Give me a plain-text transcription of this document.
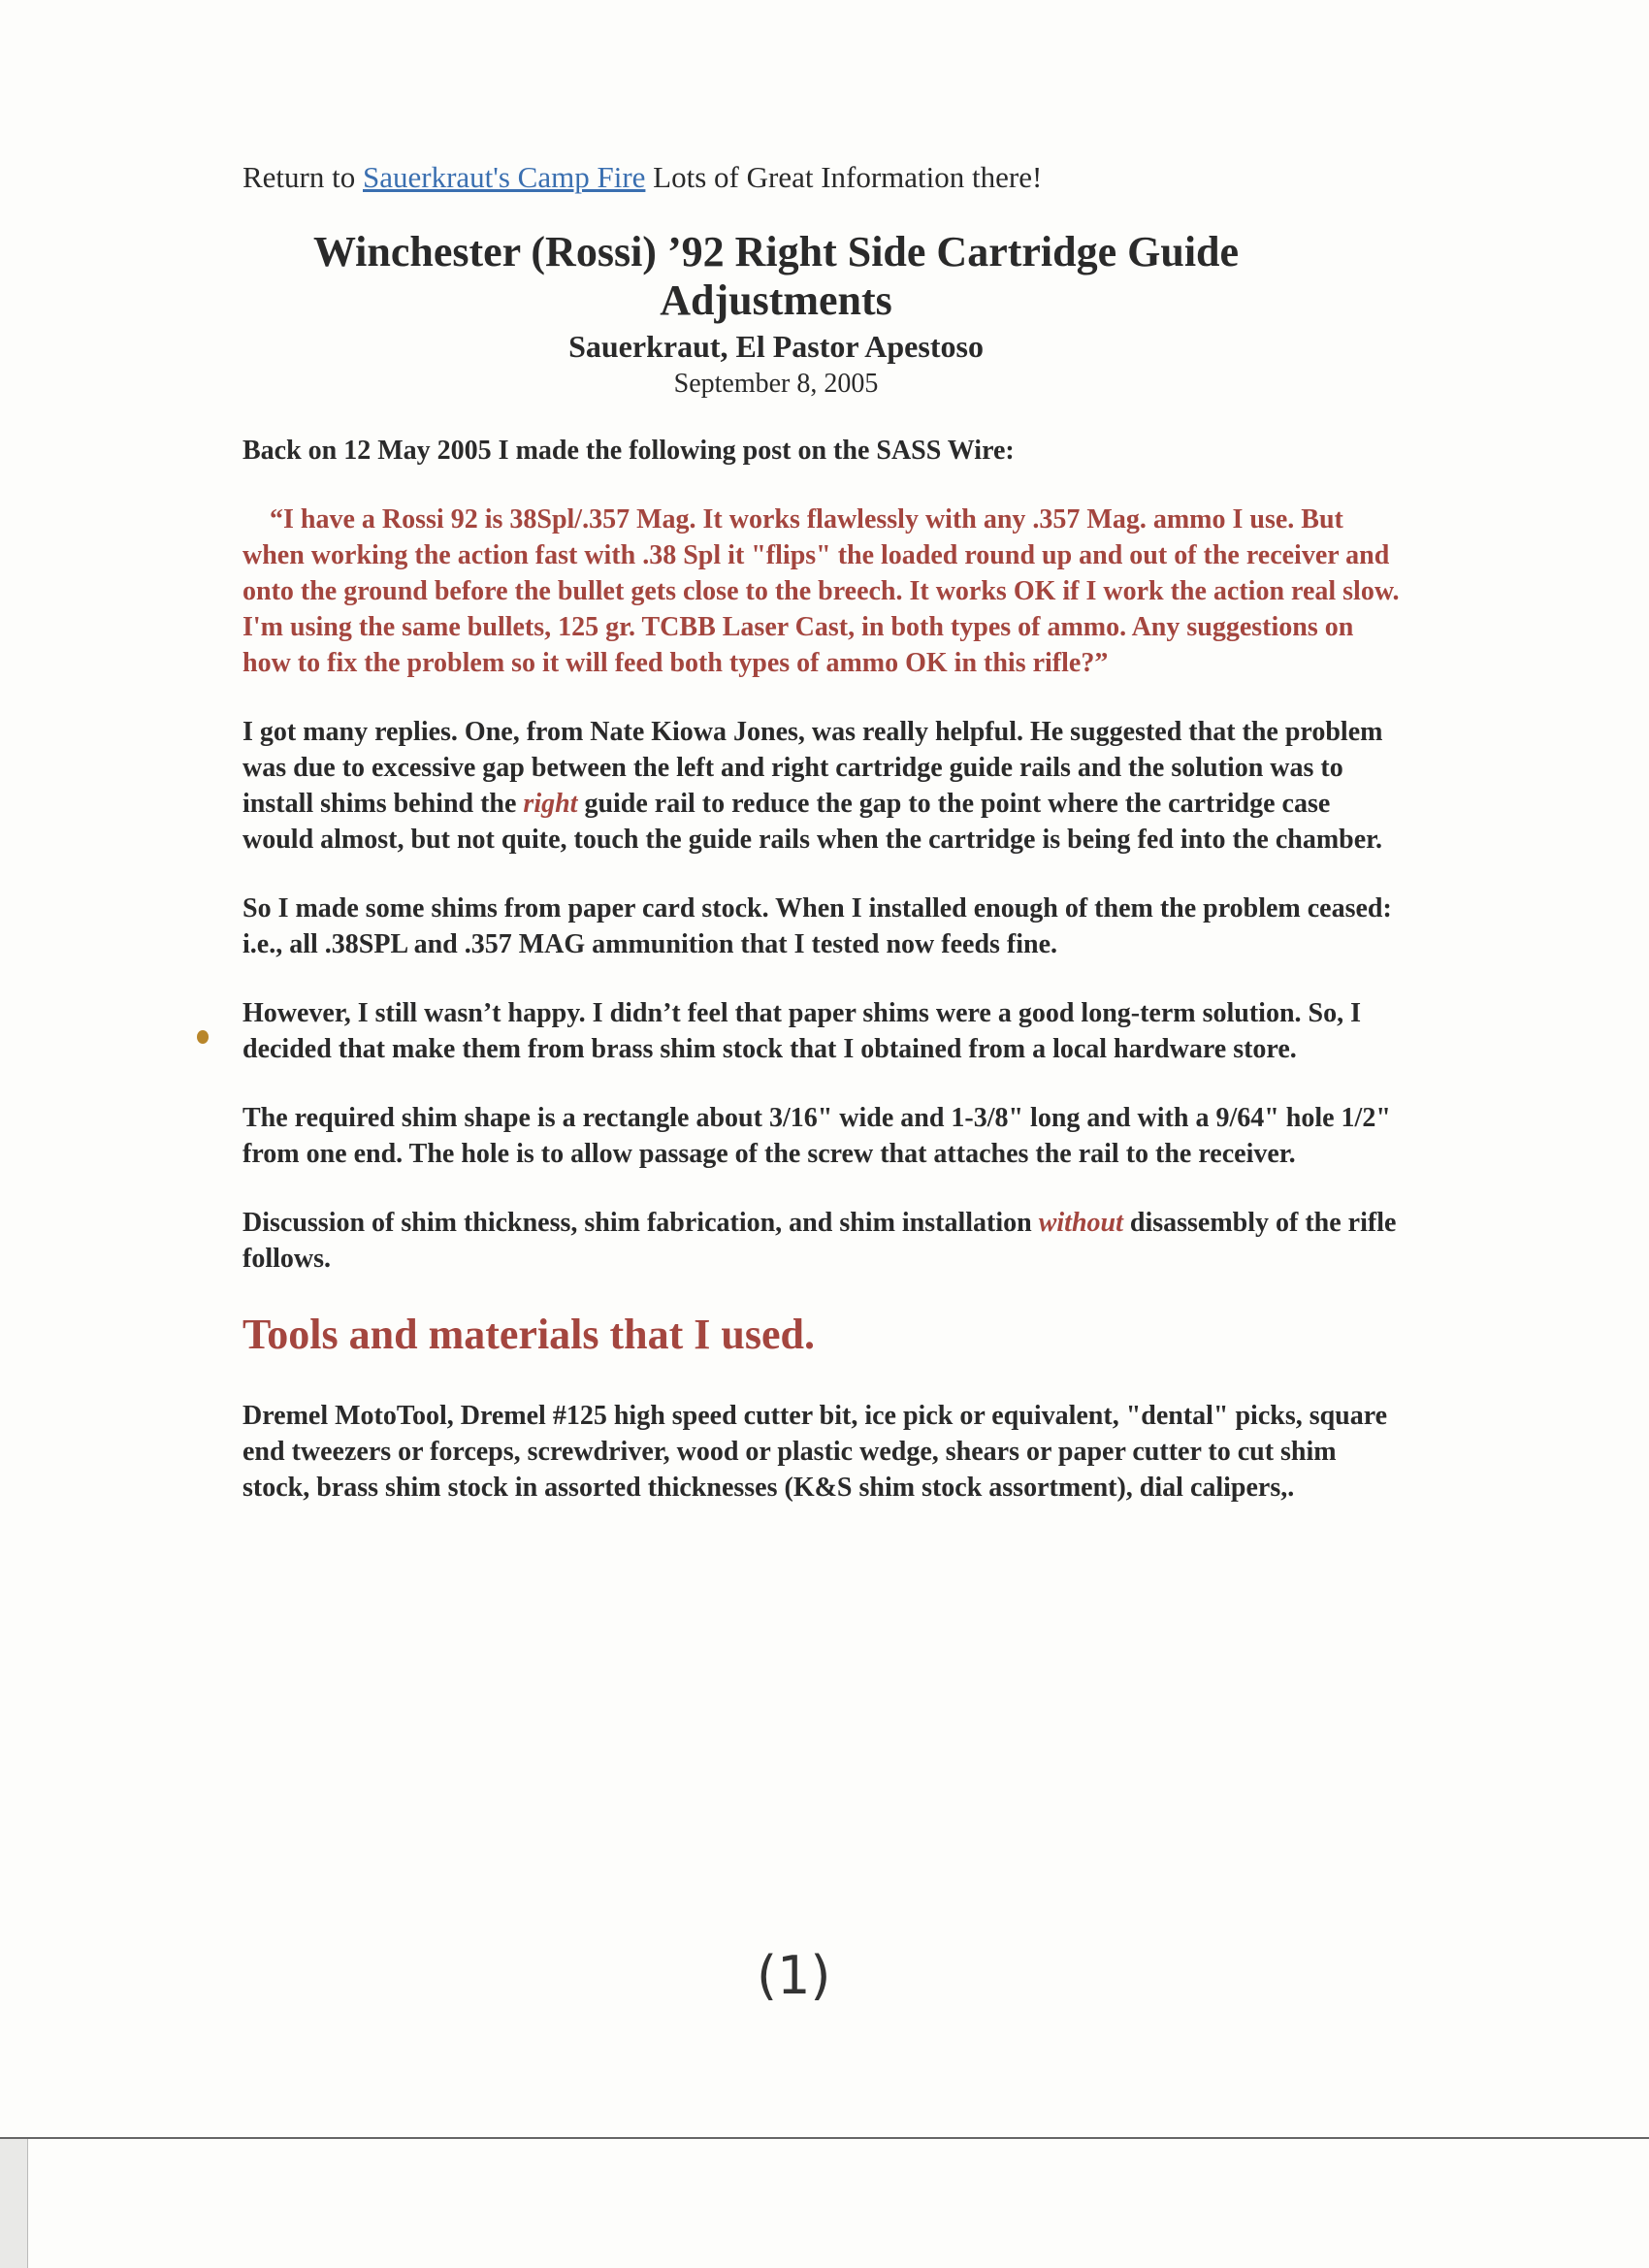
Return to Sauerkraut's Camp Fire Lots of Great Information there!
Winchester (Rossi) ’92 Right Side Cartridge Guide
Adjustments
Sauerkraut, El Pastor Apestoso
September 8, 2005

Back on 12 May 2005 I made the following post on the SASS Wire:

“I have a Rossi 92 is 38Spl/.357 Mag. It works flawlessly with any .357 Mag. ammo I use. But when working the action fast with .38 Spl it "flips" the loaded round up and out of the receiver and onto the ground before the bullet gets close to the breech. It works OK if I work the action real slow. I'm using the same bullets, 125 gr. TCBB Laser Cast, in both types of ammo. Any suggestions on how to fix the problem so it will feed both types of ammo OK in this rifle?”

I got many replies. One, from Nate Kiowa Jones, was really helpful. He suggested that the problem was due to excessive gap between the left and right cartridge guide rails and the solution was to install shims behind the right guide rail to reduce the gap to the point where the cartridge case would almost, but not quite, touch the guide rails when the cartridge is being fed into the chamber.

So I made some shims from paper card stock. When I installed enough of them the problem ceased: i.e., all .38SPL and .357 MAG ammunition that I tested now feeds fine.

However, I still wasn’t happy. I didn’t feel that paper shims were a good long-term solution. So, I decided that make them from brass shim stock that I obtained from a local hardware store.

The required shim shape is a rectangle about 3/16" wide and 1-3/8" long and with a 9/64" hole 1/2" from one end. The hole is to allow passage of the screw that attaches the rail to the receiver.

Discussion of shim thickness, shim fabrication, and shim installation without disassembly of the rifle follows.

Tools and materials that I used.

Dremel MotoTool, Dremel #125 high speed cutter bit, ice pick or equivalent, "dental" picks, square end tweezers or forceps, screwdriver, wood or plastic wedge, shears or paper cutter to cut shim stock, brass shim stock in assorted thicknesses (K&S shim stock assortment), dial calipers,.

(1)
